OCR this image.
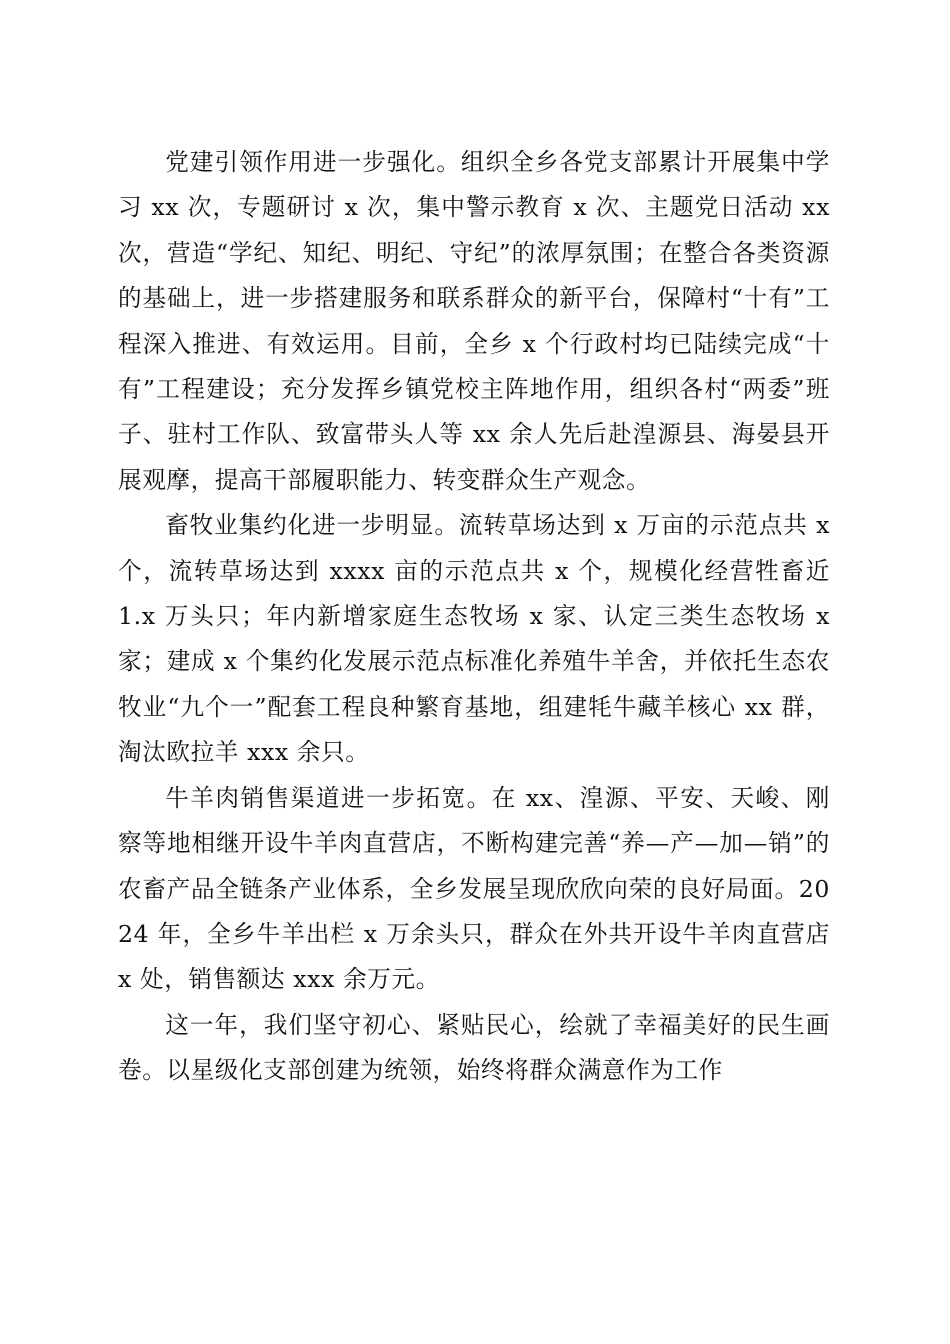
党建引领作用进一步强化。组织全乡各党支部累计开展集中学习 xx 次，专题研讨 x 次，集中警示教育 x 次、主题党日活动 xx 次，营造“学纪、知纪、明纪、守纪”的浓厚氛围；在整合各类资源的基础上，进一步搭建服务和联系群众的新平台，保障村“十有”工程深入推进、有效运用。目前，全乡 x 个行政村均已陆续完成“十有”工程建设；充分发挥乡镇党校主阵地作用，组织各村“两委”班子、驻村工作队、致富带头人等 xx 余人先后赴湟源县、海晏县开展观摩，提高干部履职能力、转变群众生产观念。

畜牧业集约化进一步明显。流转草场达到 x 万亩的示范点共 x 个，流转草场达到 xxxx 亩的示范点共 x 个，规模化经营牲畜近 1.x 万头只；年内新增家庭生态牧场 x 家、认定三类生态牧场 x 家；建成 x 个集约化发展示范点标准化养殖牛羊舍，并依托生态农牧业“九个一”配套工程良种繁育基地，组建牦牛藏羊核心 xx 群，淘汰欧拉羊 xxx 余只。

牛羊肉销售渠道进一步拓宽。在 xx、湟源、平安、天峻、刚察等地相继开设牛羊肉直营店，不断构建完善“养—产—加—销”的农畜产品全链条产业体系，全乡发展呈现欣欣向荣的良好局面。2024 年，全乡牛羊出栏 x 万余头只，群众在外共开设牛羊肉直营店 x 处，销售额达 xxx 余万元。

这一年，我们坚守初心、紧贴民心，绘就了幸福美好的民生画卷。以星级化支部创建为统领，始终将群众满意作为工作
